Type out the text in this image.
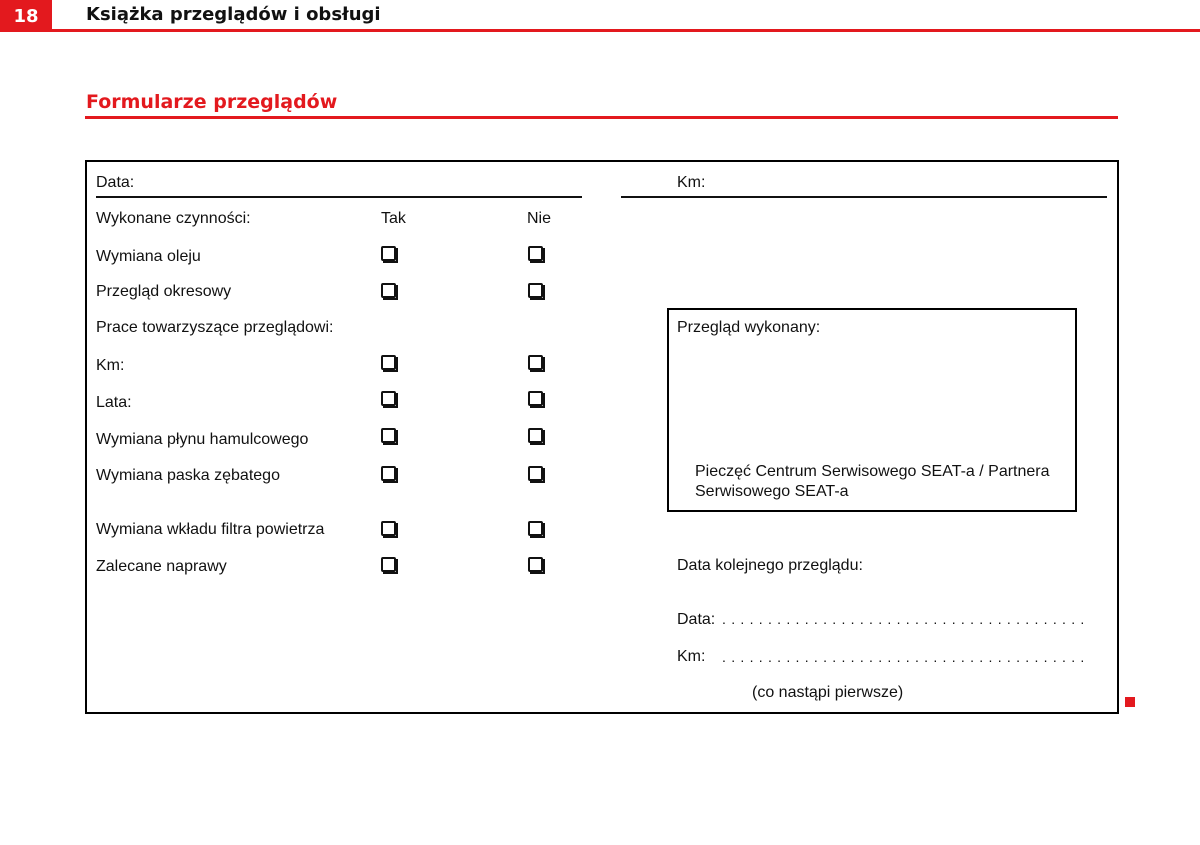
18	Książka przeglądów i obsługi
Formularze przeglądów
Data:	Km:
Wykonane czynności:	Tak	Nie
Wymiana oleju
Przegląd okresowy
Prace towarzyszące przeglądowi:
Km:
Lata:
Wymiana płynu hamulcowego
Wymiana paska zębatego
Wymiana wkładu filtra powietrza
Zalecane naprawy
Przegląd wykonany:
Pieczęć Centrum Serwisowego SEAT-a / Partnera
Serwisowego SEAT-a
Data kolejnego przeglądu:
Data: ........................................
Km: ........................................
(co nastąpi pierwsze)
